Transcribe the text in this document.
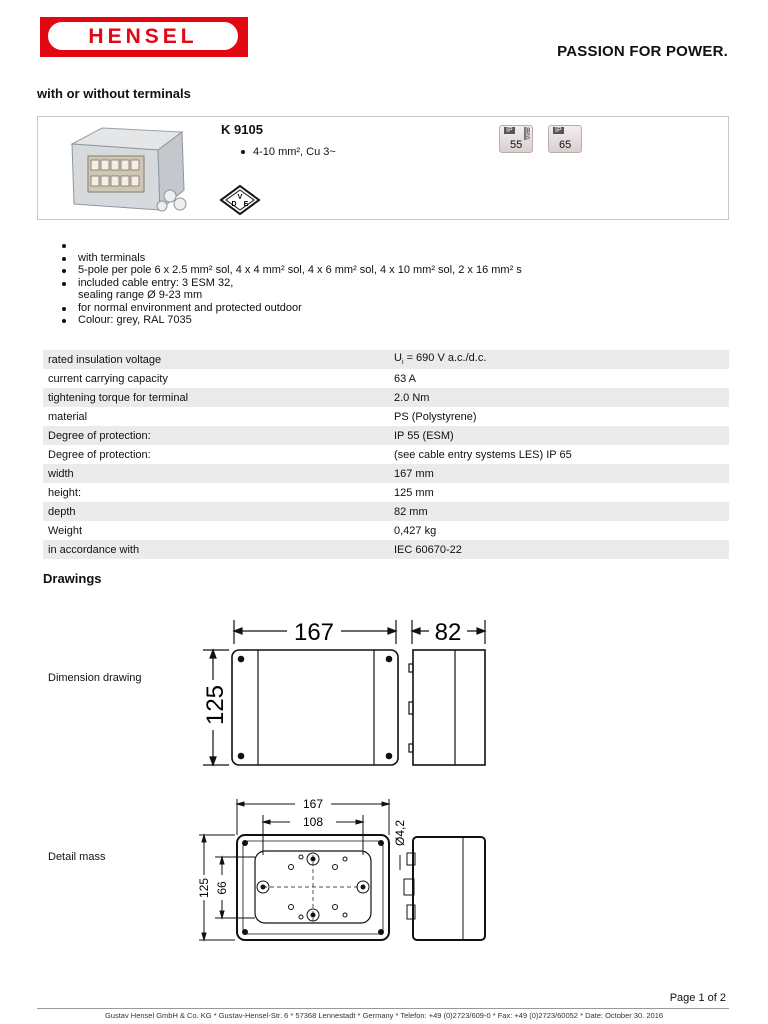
HENSEL
PASSION FOR POWER.
with or without terminals
K 9105
4-10 mm², Cu 3~
V
D E
IP	ESM
55
IP
65
with terminals
5-pole per pole 6 x 2.5 mm² sol, 4 x 4 mm² sol, 4 x 6 mm² sol, 4 x 10 mm² sol, 2 x 16 mm² s
included cable entry: 3 ESM 32,
sealing range Ø 9-23 mm
for normal environment and protected outdoor
Colour: grey, RAL 7035
rated insulation voltage	$U_i = 690$ V a.c./d.c.
current carrying capacity	63 A
tightening torque for terminal	2.0 Nm
material	PS (Polystyrene)
Degree of protection:	IP 55 (ESM)
Degree of protection:	(see cable entry systems LES) IP 65
width	167 mm
height:	125 mm
depth	82 mm
Weight	0,427 kg
in accordance with	IEC 60670-22
Drawings
Dimension drawing
Detail mass
167	82
125
167
108	Ø4,2
125 66
Page 1 of 2
Gustav Hensel GmbH & Co. KG * Gustav-Hensel-Str. 6 * 57368 Lennestadt * Germany * Telefon: +49 (0)2723/609-0 * Fax: +49 (0)2723/60052 * Date: October 30. 2016
